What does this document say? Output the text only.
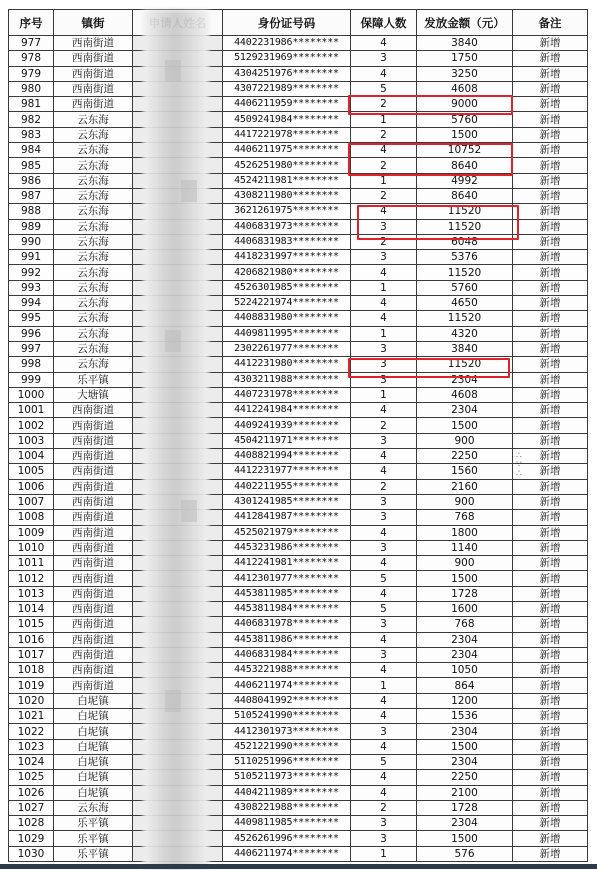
序号	镇街		身份证号码	保障人数	发放金额（元）	备注
977	西南街道		4402231986********	4	3840	新增
978	西南街道		5129231969********	3	1750	新增
979	西南街道		4304251976********	4	3250	新增
980	西南街道		4307221989********	5	4608	新增
981	西南街道		4406211959********	2	9000	新增
982	云东海		4509241984********	1	5760	新增
983	云东海		4417221978********	2	1500	新增
984	云东海		4406211975********	4	10752	新增
985	云东海		4526251980********	2	8640	新增
986	云东海		4524211981********	1	4992	新增
987	云东海		4308211980********	2	8640	新增
988	云东海		3621261975********	4	11520	新增
989	云东海		4406831973********	3	11520	新增
990	云东海		4406831983********	2	6048	新增
991	云东海		4418231997********	3	5376	新增
992	云东海		4206821980********	4	11520	新增
993	云东海		4526301985********	1	5760	新增
994	云东海		5224221974********	4	4650	新增
995	云东海		4408831980********	4	11520	新增
996	云东海		4409811995********	1	4320	新增
997	云东海		2302261977********	3	3840	新增
998	云东海		4412231980********	3	11520	新增
999	乐平镇		4303211988********	3	2304	新增
1000	大塘镇		4407231978********	1	4608	新增
1001	西南街道		4412241984********	4	2304	新增
1002	西南街道		4409241939********	2	1500	新增
1003	西南街道		4504211971********	3	900	新增
1004	西南街道		4408821994********	4	2250	新增
1005	西南街道		4412231977********	4	1560	新增
1006	西南街道		4402211955********	2	2160	新增
1007	西南街道		4301241985********	3	900	新增
1008	西南街道		4412841987********	3	768	新增
1009	西南街道		4525021979********	4	1800	新增
1010	西南街道		4453231986********	3	1140	新增
1011	西南街道		4412241981********	4	900	新增
1012	西南街道		4412301977********	5	1500	新增
1013	西南街道		4453811985********	4	1728	新增
1014	西南街道		4453811984********	5	1600	新增
1015	西南街道		4406831978********	3	768	新增
1016	西南街道		4453811986********	4	2304	新增
1017	西南街道		4406831984********	3	2304	新增
1018	西南街道		4453221988********	4	1050	新增
1019	西南街道		4406211974********	1	864	新增
1020	白坭镇		4408041992********	4	1200	新增
1021	白坭镇		5105241990********	4	1536	新增
1022	白坭镇		4412301973********	3	2304	新增
1023	白坭镇		4521221990********	4	1500	新增
1024	白坭镇		5110251996********	5	2304	新增
1025	白坭镇		5105211973********	4	2250	新增
1026	白坭镇		4404211989********	4	2100	新增
1027	云东海		4308221988********	2	1728	新增
1028	乐平镇		4409811985********	3	2304	新增
1029	乐平镇		4526261996********	3	1500	新增
1030	乐平镇		4406211974********	1	576	新增
∴
∵
∴
